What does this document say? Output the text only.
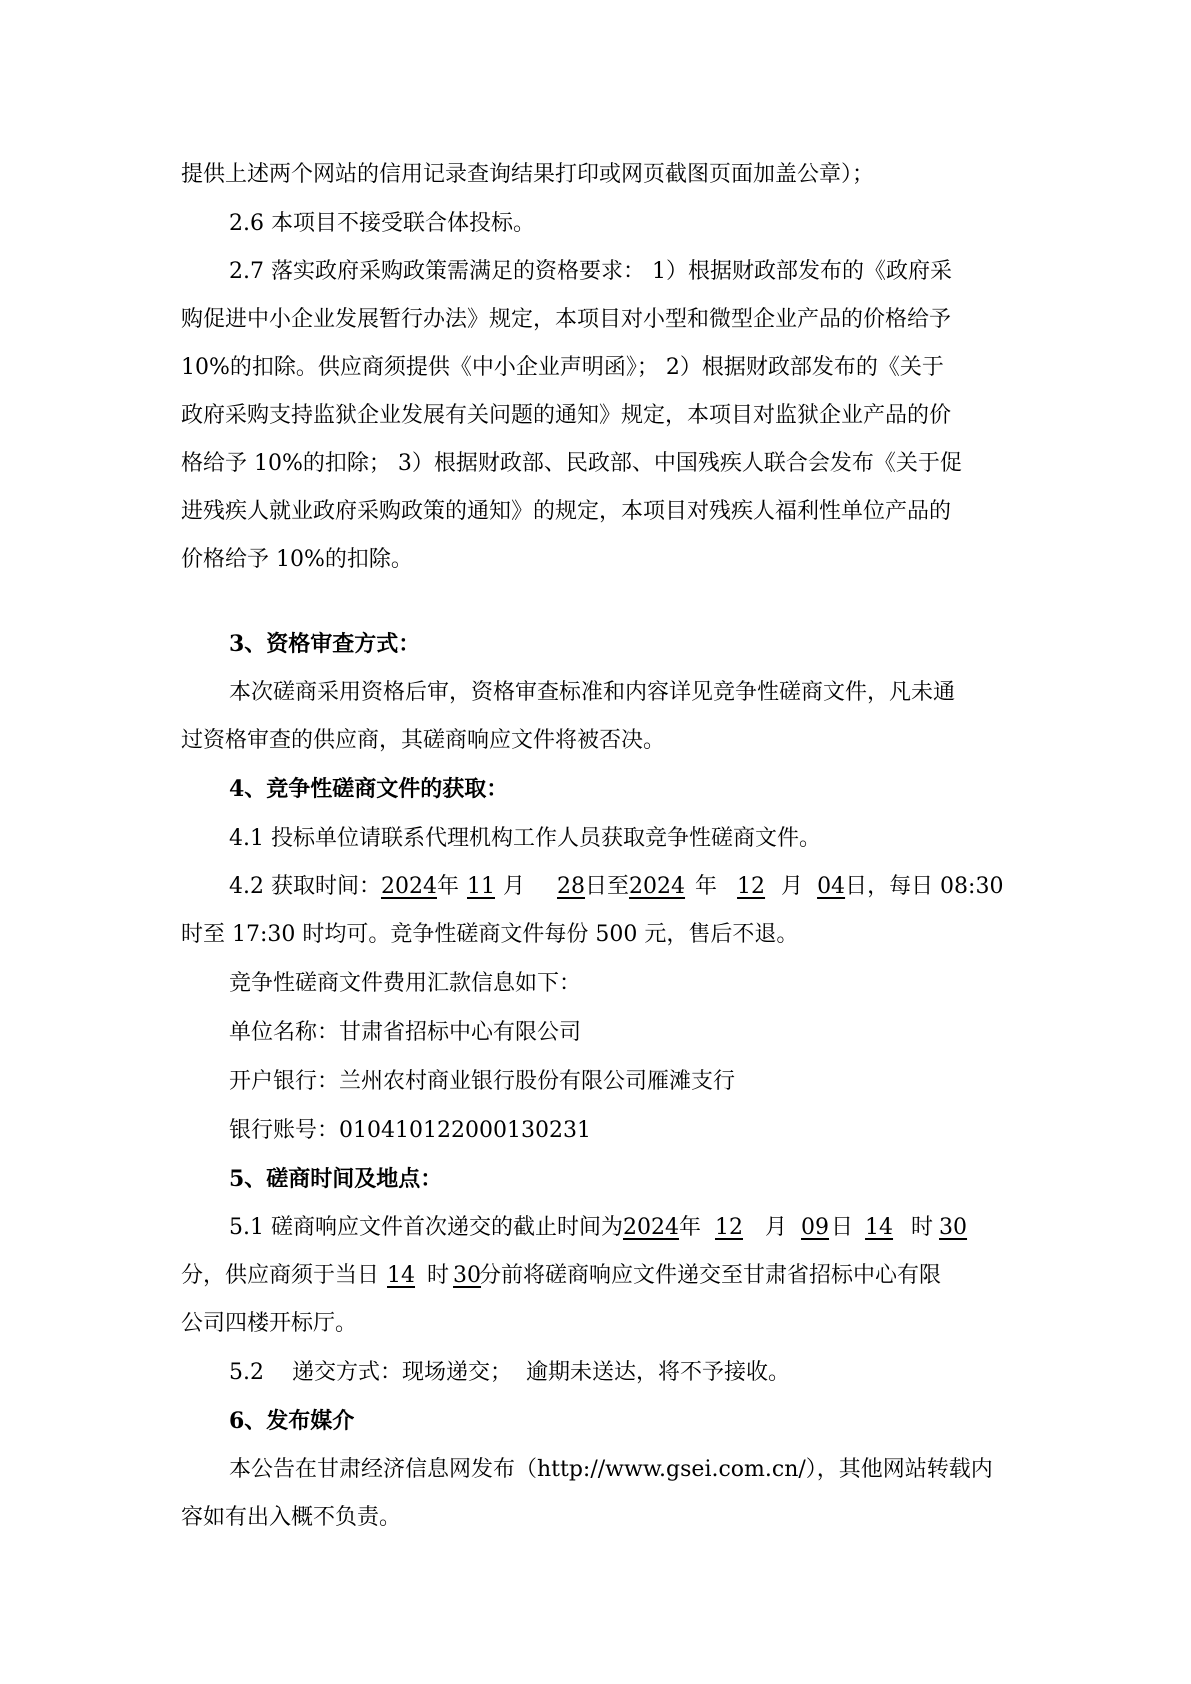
提供上述两个网站的信用记录查询结果打印或网页截图页面加盖公章）；
2.6 本项目不接受联合体投标。
2.7 落实政府采购政策需满足的资格要求： 1）根据财政部发布的《政府采
购促进中小企业发展暂行办法》规定，本项目对小型和微型企业产品的价格给予
10%的扣除。供应商须提供《中小企业声明函》； 2）根据财政部发布的《关于
政府采购支持监狱企业发展有关问题的通知》规定，本项目对监狱企业产品的价
格给予 10%的扣除； 3）根据财政部、民政部、中国残疾人联合会发布《关于促
进残疾人就业政府采购政策的通知》的规定，本项目对残疾人福利性单位产品的
价格给予 10%的扣除。
3、资格审查方式：
本次磋商采用资格后审，资格审查标准和内容详见竞争性磋商文件，凡未通
过资格审查的供应商，其磋商响应文件将被否决。
4、竞争性磋商文件的获取：
4.1 投标单位请联系代理机构工作人员获取竞争性磋商文件。
4.2 获取时间：2024年 11 月 28日至2024 年 12 月 04日，每日 08:30
时至 17:30 时均可。竞争性磋商文件每份 500 元，售后不退。
竞争性磋商文件费用汇款信息如下：
单位名称：甘肃省招标中心有限公司
开户银行：兰州农村商业银行股份有限公司雁滩支行
银行账号：010410122000130231
5、磋商时间及地点：
5.1 磋商响应文件首次递交的截止时间为2024年 12 月 09日 14 时 30
分，供应商须于当日 14 时 30分前将磋商响应文件递交至甘肃省招标中心有限
公司四楼开标厅。
5.2    递交方式：现场递交；  逾期未送达，将不予接收。
6、发布媒介
本公告在甘肃经济信息网发布（http://www.gsei.com.cn/），其他网站转载内
容如有出入概不负责。
